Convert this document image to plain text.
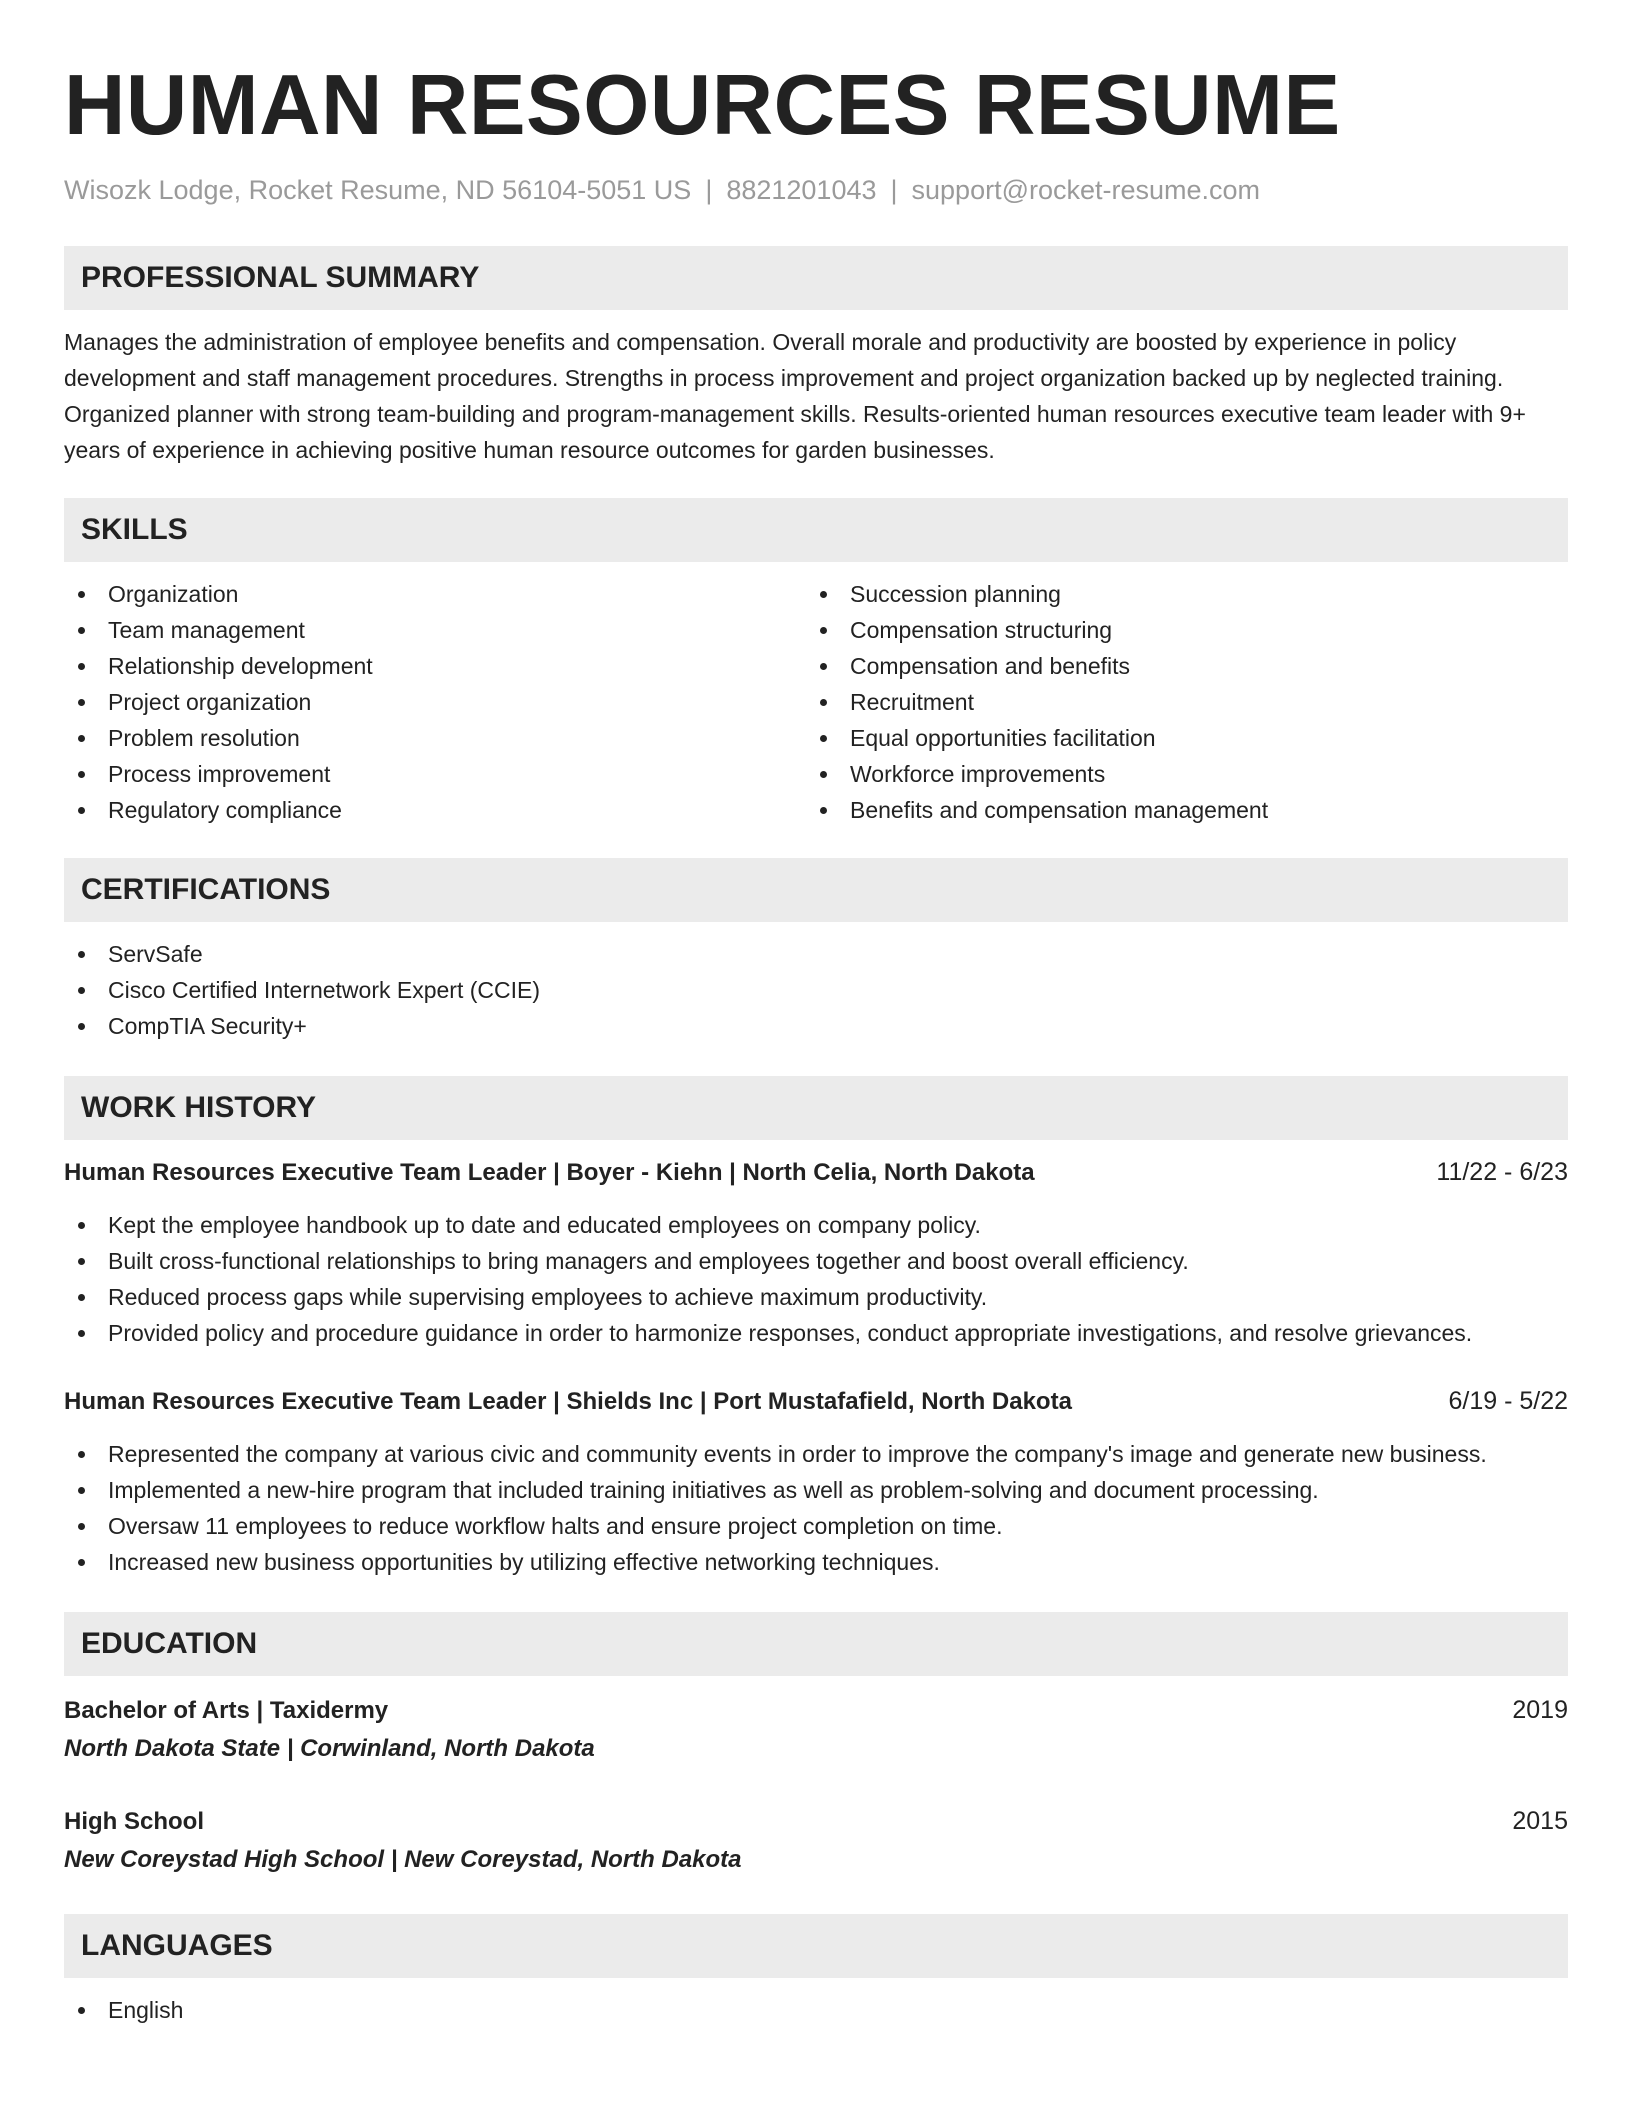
HUMAN RESOURCES RESUME
Wisozk Lodge, Rocket Resume, ND 56104-5051 US | 8821201043 | support@rocket-resume.com
PROFESSIONAL SUMMARY

Manages the administration of employee benefits and compensation. Overall morale and productivity are boosted by experience in policy development and staff management procedures. Strengths in process improvement and project organization backed up by neglected training. Organized planner with strong team-building and program-management skills. Results-oriented human resources executive team leader with 9+ years of experience in achieving positive human resource outcomes for garden businesses.

SKILLS
Organization
Team management
Relationship development
Project organization
Problem resolution
Process improvement
Regulatory compliance
Succession planning
Compensation structuring
Compensation and benefits
Recruitment
Equal opportunities facilitation
Workforce improvements
Benefits and compensation management
CERTIFICATIONS
ServSafe
Cisco Certified Internetwork Expert (CCIE)
CompTIA Security+
WORK HISTORY
Human Resources Executive Team Leader | Boyer - Kiehn | North Celia, North Dakota	11/22 - 6/23
Kept the employee handbook up to date and educated employees on company policy.
Built cross-functional relationships to bring managers and employees together and boost overall efficiency.
Reduced process gaps while supervising employees to achieve maximum productivity.
Provided policy and procedure guidance in order to harmonize responses, conduct appropriate investigations, and resolve grievances.
Human Resources Executive Team Leader | Shields Inc | Port Mustafafield, North Dakota	6/19 - 5/22
Represented the company at various civic and community events in order to improve the company's image and generate new business.
Implemented a new-hire program that included training initiatives as well as problem-solving and document processing.
Oversaw 11 employees to reduce workflow halts and ensure project completion on time.
Increased new business opportunities by utilizing effective networking techniques.
EDUCATION
Bachelor of Arts | Taxidermy	2019
North Dakota State | Corwinland, North Dakota
High School	2015
New Coreystad High School | New Coreystad, North Dakota
LANGUAGES
English
